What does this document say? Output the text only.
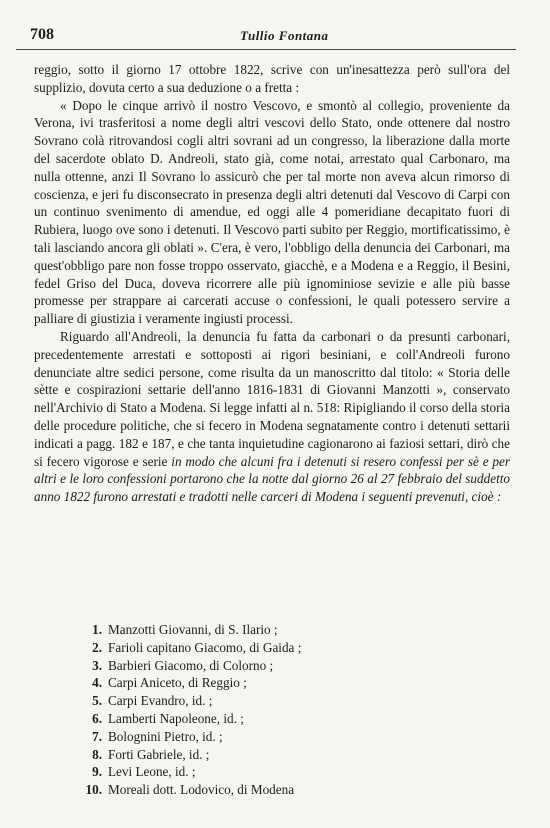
708	Tullio Fontana

reggio, sotto il giorno 17 ottobre 1822, scrive con un'inesattezza però sull'ora del supplizio, dovuta certo a sua deduzione o a fretta :

« Dopo le cinque arrivò il nostro Vescovo, e smontò al collegio, proveniente da Verona, ivi trasferitosi a nome degli altri vescovi dello Stato, onde ottenere dal nostro Sovrano colà ritrovandosi cogli altri sovrani ad un congresso, la liberazione dalla morte del sacerdote oblato D. Andreoli, stato già, come notai, arrestato qual Carbonaro, ma nulla ottenne, anzi Il Sovrano lo assicurò che per tal morte non aveva alcun rimorso di coscienza, e jeri fu disconsecrato in presenza degli altri detenuti dal Vescovo di Carpi con un continuo svenimento di amendue, ed oggi alle 4 pomeridiane decapitato fuori di Rubiera, luogo ove sono i detenuti. Il Vescovo parti subito per Reggio, mortificatissimo, è tali lasciando ancora gli oblati ». C'era, è vero, l'obbligo della denuncia dei Carbonari, ma quest'obbligo pare non fosse troppo osservato, giacchè, e a Modena e a Reggio, il Besini, fedel Griso del Duca, doveva ricorrere alle più ignominiose sevizie e alle più basse promesse per strappare ai carcerati accuse o confessioni, le quali potessero servire a palliare di giustizia i veramente ingiusti processi.

Riguardo all'Andreoli, la denuncia fu fatta da carbonari o da presunti carbonari, precedentemente arrestati e sottoposti ai rigori besiniani, e coll'Andreoli furono denunciate altre sedici persone, come risulta da un manoscritto dal titolo: « Storia delle sètte e cospirazioni settarie dell'anno 1816-1831 di Giovanni Manzotti », conservato nell'Archivio di Stato a Modena. Si legge infatti al n. 518: Ripigliando il corso della storia delle procedure politiche, che si fecero in Modena segnatamente contro i detenuti settarii indicati a pagg. 182 e 187, e che tanta inquietudine cagionarono ai faziosi settari, dirò che si fecero vigorose e serie in modo che alcuni fra i detenuti si resero confessi per sè e per altri e le loro confessioni portarono che la notte dal giorno 26 al 27 febbraio del suddetto anno 1822 furono arrestati e tradotti nelle carceri di Modena i seguenti prevenuti, cioè :

1. Manzotti Giovanni, di S. Ilario ;
2. Farioli capitano Giacomo, di Gaida ;
3. Barbieri Giacomo, di Colorno ;
4. Carpi Aniceto, di Reggio ;
5. Carpi Evandro, id. ;
6. Lamberti Napoleone, id. ;
7. Bolognini Pietro, id. ;
8. Forti Gabriele, id. ;
9. Levi Leone, id. ;
10. Moreali dott. Lodovico, di Modena
